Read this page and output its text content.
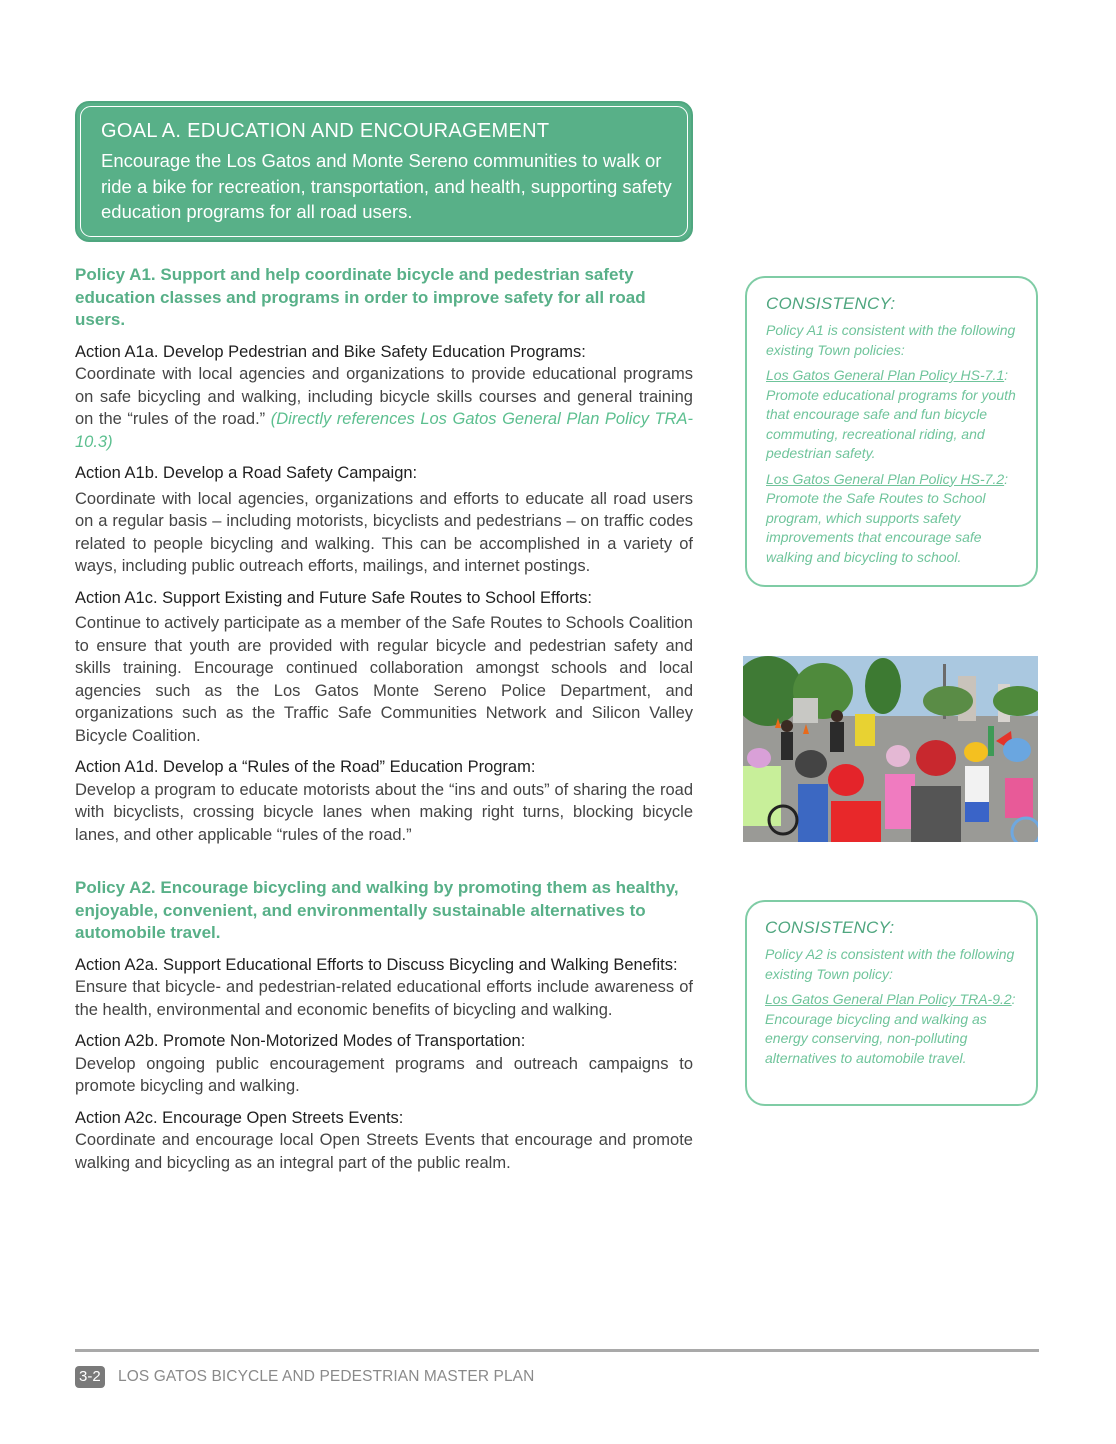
GOAL A. EDUCATION AND ENCOURAGEMENT
Encourage the Los Gatos and Monte Sereno communities to walk or ride a bike for recreation, transportation, and health, supporting safety education programs for all road users.

Policy A1. Support and help coordinate bicycle and pedestrian safety education classes and programs in order to improve safety for all road users.

Action A1a. Develop Pedestrian and Bike Safety Education Programs:

Coordinate with local agencies and organizations to provide educational programs on safe bicycling and walking, including bicycle skills courses and general training on the “rules of the road.” (Directly references Los Gatos General Plan Policy TRA-10.3)

Action A1b. Develop a Road Safety Campaign:

Coordinate with local agencies, organizations and efforts to educate all road users on a regular basis – including motorists, bicyclists and pedestrians – on traffic codes related to people bicycling and walking. This can be accomplished in a variety of ways, including public outreach efforts, mailings, and internet postings.

Action A1c. Support Existing and Future Safe Routes to School Efforts:

Continue to actively participate as a member of the Safe Routes to Schools Coalition to ensure that youth are provided with regular bicycle and pedestrian safety and skills training. Encourage continued collaboration amongst schools and local agencies such as the Los Gatos Monte Sereno Police Department, and organizations such as the Traffic Safe Communities Network and Silicon Valley Bicycle Coalition.

Action A1d. Develop a “Rules of the Road” Education Program:

Develop a program to educate motorists about the “ins and outs” of sharing the road with bicyclists, crossing bicycle lanes when making right turns, blocking bicycle lanes, and other applicable “rules of the road.”

Policy A2. Encourage bicycling and walking by promoting them as healthy, enjoyable, convenient, and environmentally sustainable alternatives to automobile travel.

Action A2a. Support Educational Efforts to Discuss Bicycling and Walking Benefits:

Ensure that bicycle- and pedestrian-related educational efforts include awareness of the health, environmental and economic benefits of bicycling and walking.

Action A2b. Promote Non-Motorized Modes of Transportation:

Develop ongoing public encouragement programs and outreach campaigns to promote bicycling and walking.

Action A2c. Encourage Open Streets Events:

Coordinate and encourage local Open Streets Events that encourage and promote walking and bicycling as an integral part of the public realm.

CONSISTENCY:

Policy A1 is consistent with the following existing Town policies:

Los Gatos General Plan Policy HS-7.1: Promote educational programs for youth that encourage safe and fun bicycle commuting, recreational riding, and pedestrian safety.

Los Gatos General Plan Policy HS-7.2: Promote the Safe Routes to School program, which supports safety improvements that encourage safe walking and bicycling to school.

CONSISTENCY:

Policy A2 is consistent with the following existing Town policy:

Los Gatos General Plan Policy TRA-9.2: Encourage bicycling and walking as energy conserving, non-polluting alternatives to automobile travel.

3-2 LOS GATOS BICYCLE AND PEDESTRIAN MASTER PLAN
